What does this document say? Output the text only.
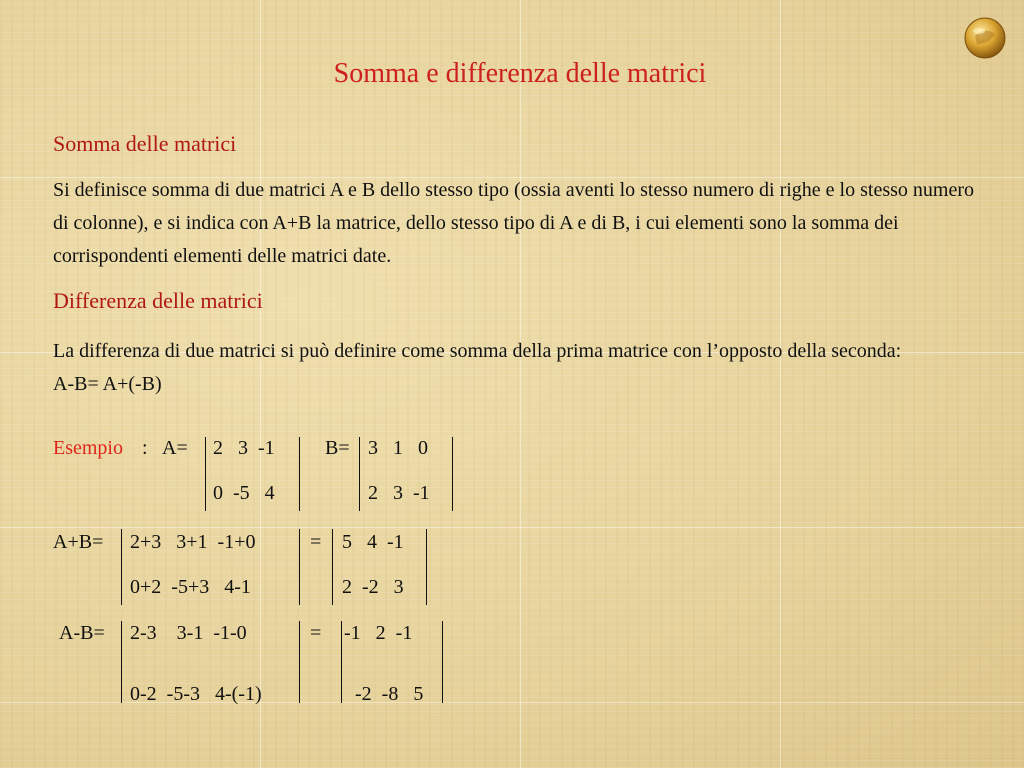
Somma e differenza delle matrici
Somma delle matrici

Si definisce somma di due matrici A e B dello stesso tipo (ossia aventi lo stesso numero di righe e lo stesso numero di colonne), e si indica con A+B la matrice, dello stesso tipo di A e di B, i cui elementi sono la somma dei corrispondenti elementi delle matrici date.

Differenza delle matrici

La differenza di due matrici si può definire come somma della prima matrice con l’opposto della seconda: A-B= A+(-B)

Esempio : A= 2   3  -1
0  -5   4
B= 3   1   0
2   3  -1
A+B= 2+3   3+1  -1+0
0+2  -5+3   4-1
= 5   4  -1
2  -2   3
A-B= 2-3    3-1  -1-0
0-2  -5-3   4-(-1)
= -1   2  -1
-2  -8   5
